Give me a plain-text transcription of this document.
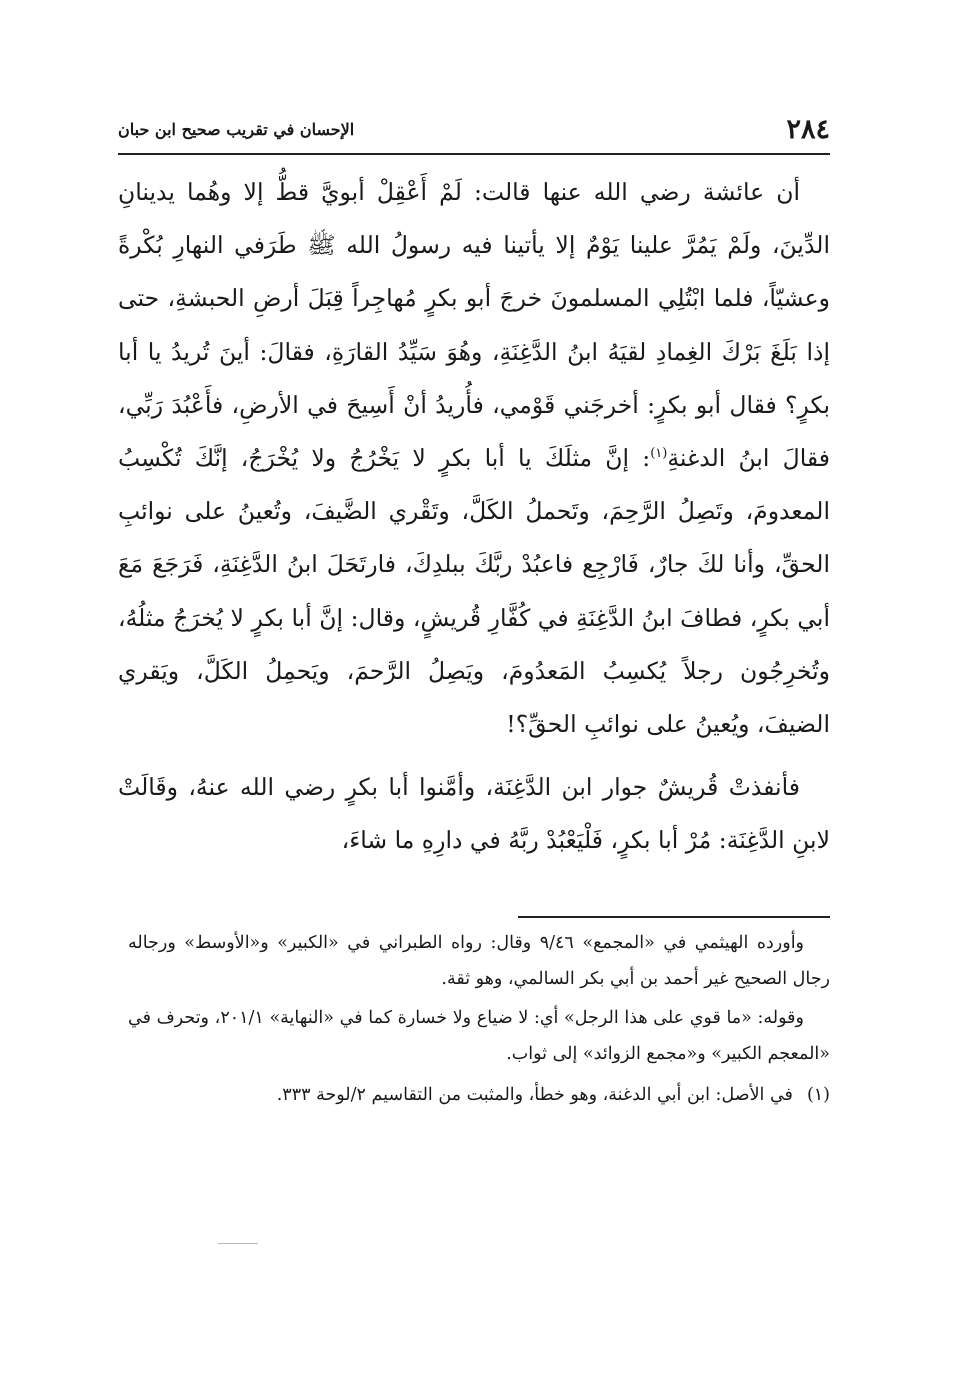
٢٨٤
الإحسان في تقريب صحيح ابن حبان

أن عائشة رضي الله عنها قالت: لَمْ أَعْقِلْ أبويَّ قطُّ إلا وهُما يدينانِ الدِّينَ، ولَمْ يَمُرَّ علينا يَوْمٌ إلا يأتينا فيه رسولُ الله ﷺ طَرَفي النهارِ بُكْرةً وعشيّاً، فلما ابْتُلِي المسلمونَ خرجَ أبو بكرٍ مُهاجِراً قِبَلَ أرضِ الحبشةِ، حتى إذا بَلَغَ بَرْكَ الغِمادِ لقيَهُ ابنُ الدَّغِنَةِ، وهُوَ سَيِّدُ القارَةِ، فقالَ: أينَ تُريدُ يا أبا بكرٍ؟ فقال أبو بكرٍ: أخرجَني قَوْمي، فأُريدُ أنْ أَسِيحَ في الأرضِ، فأَعْبُدَ رَبِّي، فقالَ ابنُ الدغنةِ$^{(١)}$: إنَّ مثلَكَ يا أبا بكرٍ لا يَخْرُجُ ولا يُخْرَجُ، إنَّكَ تُكْسِبُ المعدومَ، وتَصِلُ الرَّحِمَ، وتَحملُ الكَلَّ، وتَقْري الضَّيفَ، وتُعينُ على نوائبِ الحقِّ، وأنا لكَ جارٌ، فَارْجِع فاعبُدْ ربَّكَ ببلدِكَ، فارتَحَلَ ابنُ الدَّغِنَةِ، فَرَجَعَ مَعَ أبي بكرٍ، فطافَ ابنُ الدَّغِنَةِ في كُفَّارِ قُريشٍ، وقال: إنَّ أبا بكرٍ لا يُخرَجُ مثلُهُ، وتُخرِجُون رجلاً يُكسِبُ المَعدُومَ، ويَصِلُ الرَّحمَ، ويَحمِلُ الكَلَّ، ويَقري الضيفَ، ويُعينُ على نوائبِ الحقِّ؟!

فأنفذتْ قُريشٌ جوار ابن الدَّغِنَة، وأمَّنوا أبا بكرٍ رضي الله عنهُ، وقَالَتْ لابنِ الدَّغِنَة: مُرْ أبا بكرٍ، فَلْيَعْبُدْ ربَّهُ في دارِهِ ما شاءَ،

وأورده الهيثمي في «المجمع» ٩/٤٦ وقال: رواه الطبراني في «الكبير» و«الأوسط» ورجاله رجال الصحيح غير أحمد بن أبي بكر السالمي، وهو ثقة.

وقوله: «ما قوي على هذا الرجل» أي: لا ضياع ولا خسارة كما في «النهاية» ٢٠١/١، وتحرف في «المعجم الكبير» و«مجمع الزوائد» إلى ثواب.

(١)

في الأصل: ابن أبي الدغنة، وهو خطأ، والمثبت من التقاسيم ٢/لوحة ٣٣٣.
